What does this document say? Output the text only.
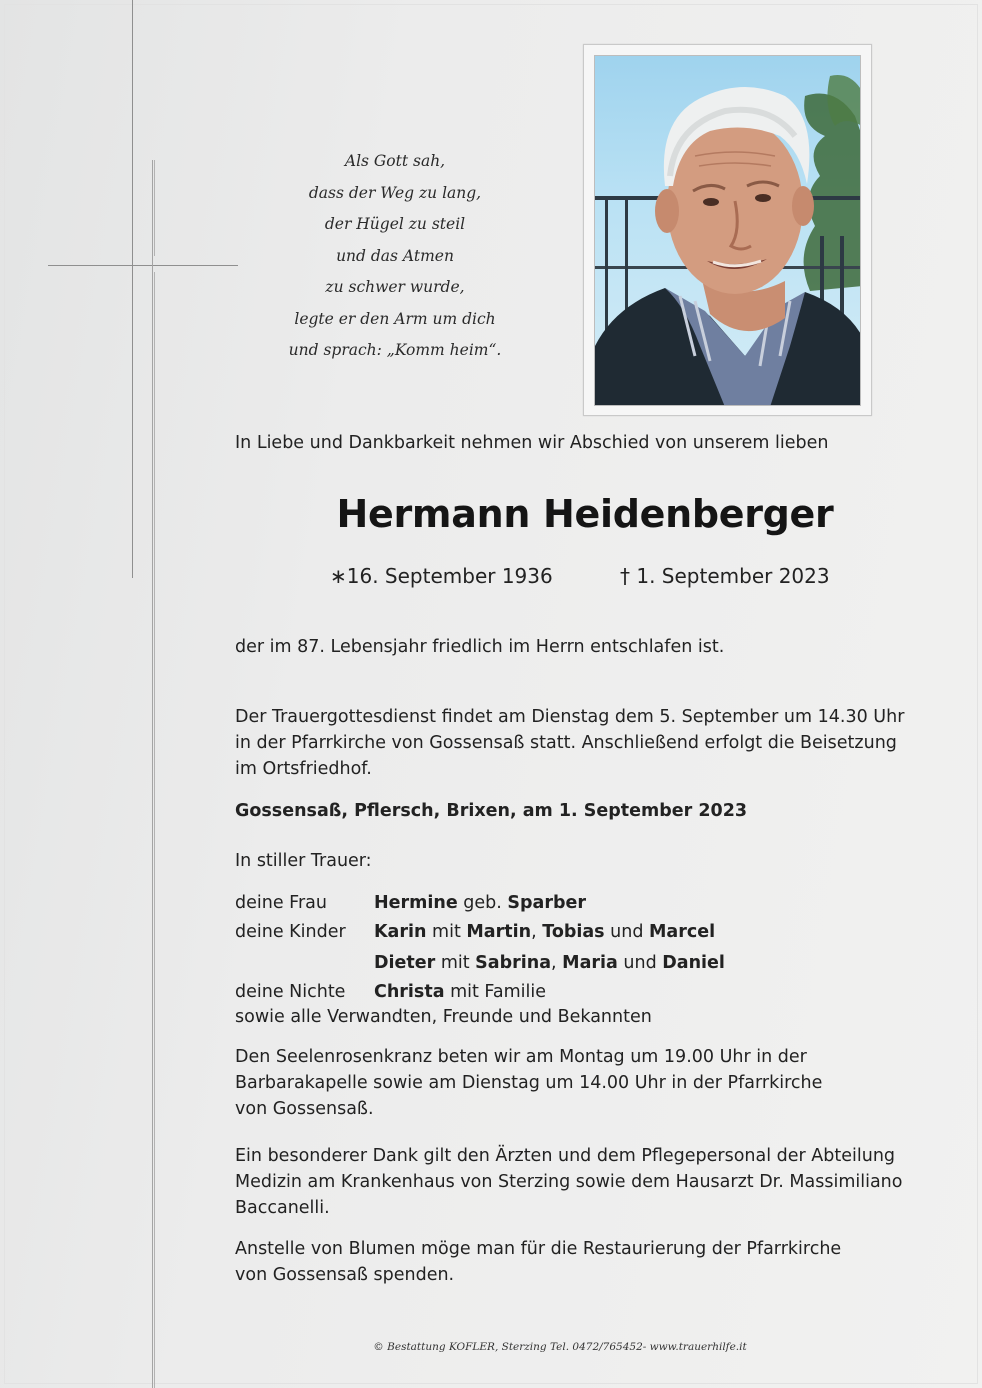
Als Gott sah,
dass der Weg zu lang,
der Hügel zu steil
und das Atmen
zu schwer wurde,
legte er den Arm um dich
und sprach: „Komm heim“.
In Liebe und Dankbarkeit nehmen wir Abschied von unserem lieben
Hermann Heidenberger
∗16. September 1936	† 1. September 2023
der im 87. Lebensjahr friedlich im Herrn entschlafen ist.
Der Trauergottesdienst findet am Dienstag dem 5. September um 14.30 Uhr
in der Pfarrkirche von Gossensaß statt. Anschließend erfolgt die Beisetzung
im Ortsfriedhof.
Gossensaß, Pflersch, Brixen, am 1. September 2023
In stiller Trauer:
deine Frau	Hermine geb. Sparber
deine Kinder	Karin mit Martin, Tobias und Marcel
Dieter mit Sabrina, Maria und Daniel
deine Nichte	Christa mit Familie
sowie alle Verwandten, Freunde und Bekannten
Den Seelenrosenkranz beten wir am Montag um 19.00 Uhr in der
Barbarakapelle sowie am Dienstag um 14.00 Uhr in der Pfarrkirche
von Gossensaß.
Ein besonderer Dank gilt den Ärzten und dem Pflegepersonal der Abteilung
Medizin am Krankenhaus von Sterzing sowie dem Hausarzt Dr. Massimiliano
Baccanelli.
Anstelle von Blumen möge man für die Restaurierung der Pfarrkirche
von Gossensaß spenden.
© Bestattung KOFLER, Sterzing Tel. 0472/765452- www.trauerhilfe.it
